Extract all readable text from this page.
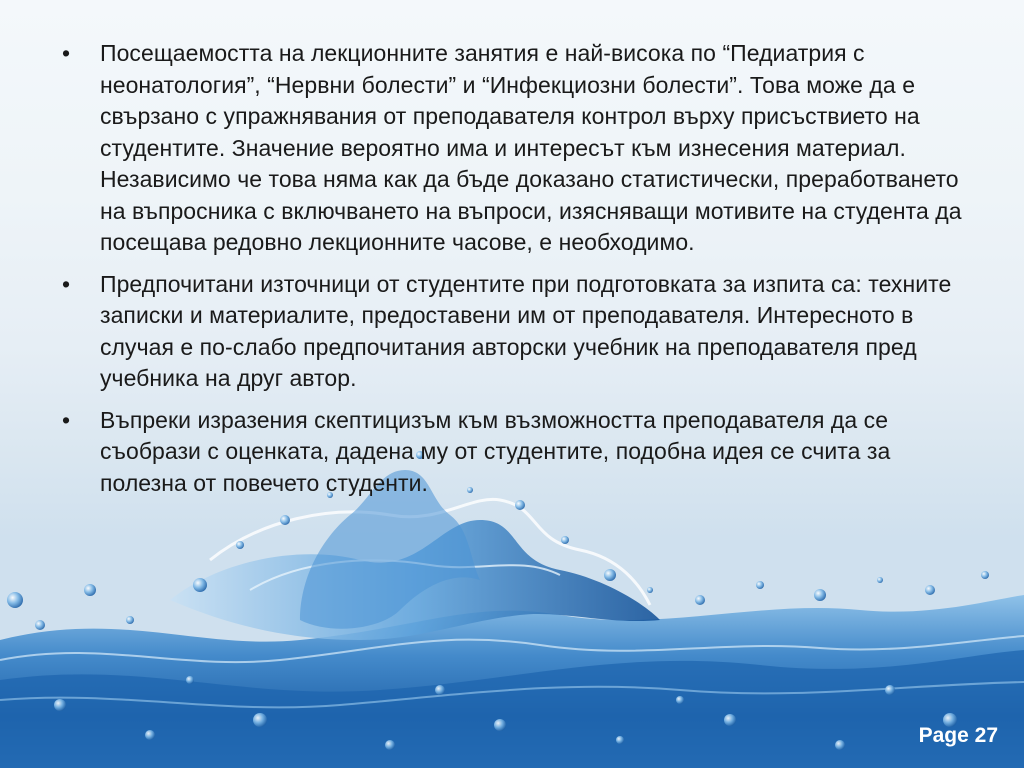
• Посещаемостта на лекционните занятия е най-висока по “Педиатрия с неонатология”, “Нервни болести” и “Инфекциозни болести”. Това може да е свързано с упражнявания от преподавателя контрол върху присъствието на студентите. Значение вероятно има и интересът към изнесения материал. Независимо че това няма как да бъде доказано статистически, преработването на въпросника с включването на въпроси, изясняващи мотивите на студента да посещава редовно лекционните часове, е необходимо.
• Предпочитани източници от студентите при подготовката за изпита са: техните записки и материалите, предоставени им от преподавателя. Интересното в случая е по-слабо предпочитания авторски учебник на преподавателя пред учебника на друг автор.
• Въпреки изразения скептицизъм към възможността преподавателя да се съобрази с оценката, дадена му от студентите, подобна идея се счита за полезна от повечето студенти.
Page 27
